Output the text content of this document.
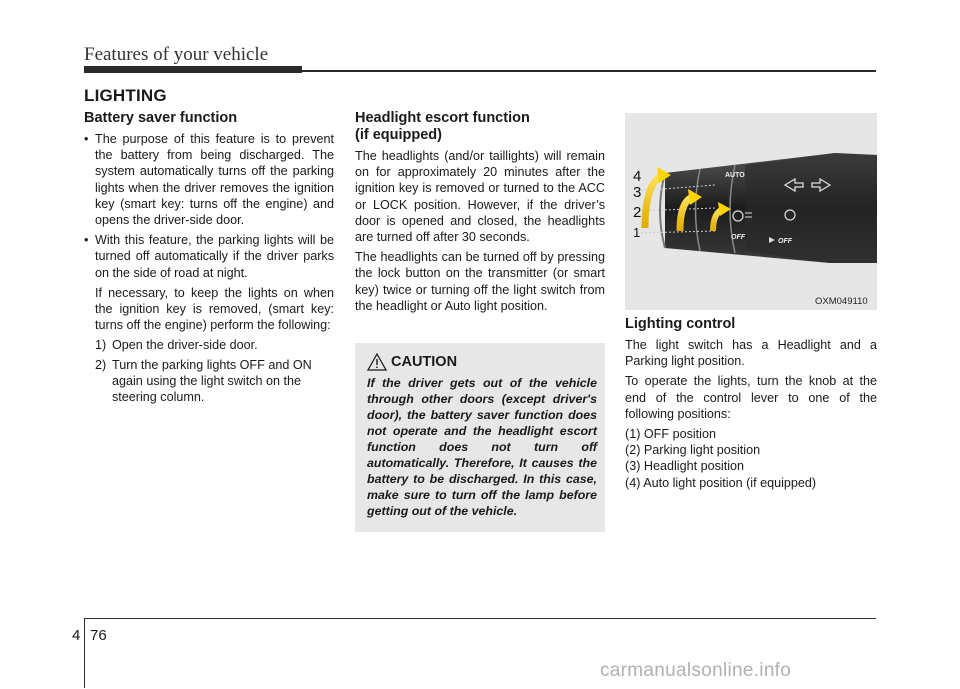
Features of your vehicle
LIGHTING
Battery saver function
• The purpose of this feature is to prevent the battery from being discharged. The system automatically turns off the parking lights when the driver removes the ignition key (smart key: turns off the engine) and opens the driver-side door.
• With this feature, the parking lights will be turned off automatically if the driver parks on the side of road at night.

If necessary, to keep the lights on when the ignition key is removed, (smart key: turns off the engine) perform the following:

1) Open the driver-side door.
2) Turn the parking lights OFF and ON again using the light switch on the steering column.
Headlight escort function
(if equipped)

The headlights (and/or taillights) will remain on for approximately 20 minutes after the ignition key is removed or turned to the ACC or LOCK position. However, if the driver’s door is opened and closed, the headlights are turned off after 30 seconds.

The headlights can be turned off by pressing the lock button on the transmitter (or smart key) twice or turning off the light switch from the headlight or Auto light position.

CAUTION

If the driver gets out of the vehicle through other doors (except driver's door), the battery saver function does not operate and the headlight escort function does not turn off automatically. Therefore, It causes the battery to be discharged. In this case, make sure to turn off the lamp before getting out of the vehicle.

4
3
2
1
AUTO
OFF
OFF
OXM049110
Lighting control

The light switch has a Headlight and a Parking light position.

To operate the lights, turn the knob at the end of the control lever to one of the following positions:

(1) OFF position
(2) Parking light position
(3) Headlight position
(4) Auto light position (if equipped)
4 76
carmanualsonline.info
